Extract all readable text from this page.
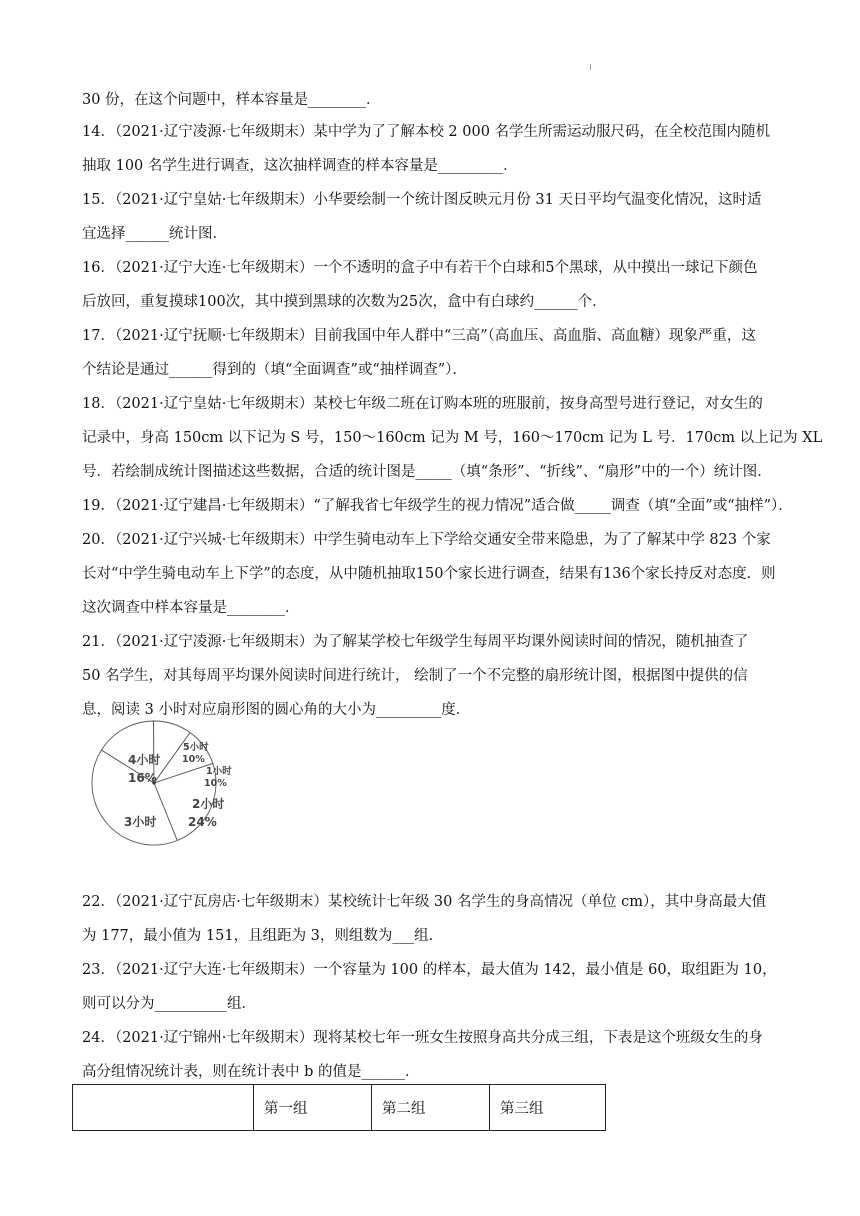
30 份，在这个问题中，样本容量是________．
14．（2021·辽宁凌源·七年级期末）某中学为了了解本校 2 000 名学生所需运动服尺码，在全校范围内随机
抽取 100 名学生进行调查，这次抽样调查的样本容量是_________．
15．（2021·辽宁皇姑·七年级期末）小华要绘制一个统计图反映元月份 31 天日平均气温变化情况，这时适
宜选择______统计图．
16．（2021·辽宁大连·七年级期末）一个不透明的盒子中有若干个白球和5个黑球，从中摸出一球记下颜色
后放回，重复摸球100次，其中摸到黑球的次数为25次，盒中有白球约______个．
17．（2021·辽宁抚顺·七年级期末）目前我国中年人群中“三高”（高血压、高血脂、高血糖）现象严重，这
个结论是通过______得到的（填“全面调查”或“抽样调查”）．
18．（2021·辽宁皇姑·七年级期末）某校七年级二班在订购本班的班服前，按身高型号进行登记，对女生的
记录中，身高 150cm 以下记为 S 号，150～160cm 记为 M 号，160～170cm 记为 L 号．170cm 以上记为 XL
号．若绘制成统计图描述这些数据，合适的统计图是_____（填“条形”、“折线”、“扇形”中的一个）统计图．
19．（2021·辽宁建昌·七年级期末）“了解我省七年级学生的视力情况”适合做_____调查（填“全面”或“抽样”）．
20．（2021·辽宁兴城·七年级期末）中学生骑电动车上下学给交通安全带来隐患，为了了解某中学 823 个家
长对“中学生骑电动车上下学”的态度，从中随机抽取150个家长进行调查，结果有136个家长持反对态度．则
这次调查中样本容量是________．
21．（2021·辽宁凌源·七年级期末）为了解某学校七年级学生每周平均课外阅读时间的情况，随机抽查了
50 名学生，对其每周平均课外阅读时间进行统计， 绘制了一个不完整的扇形统计图，根据图中提供的信
息，阅读 3 小时对应扇形图的圆心角的大小为_________度．
4小时
16%
5小时
10%
1小时
10%
2小时
24%
3小时
22．（2021·辽宁瓦房店·七年级期末）某校统计七年级 30 名学生的身高情况（单位 cm），其中身高最大值
为 177，最小值为 151，且组距为 3，则组数为___组．
23．（2021·辽宁大连·七年级期末）一个容量为 100 的样本，最大值为 142，最小值是 60，取组距为 10，
则可以分为__________组．
24．（2021·辽宁锦州·七年级期末）现将某校七年一班女生按照身高共分成三组，下表是这个班级女生的身
高分组情况统计表，则在统计表中 b 的值是______．
	第一组	第二组	第三组
